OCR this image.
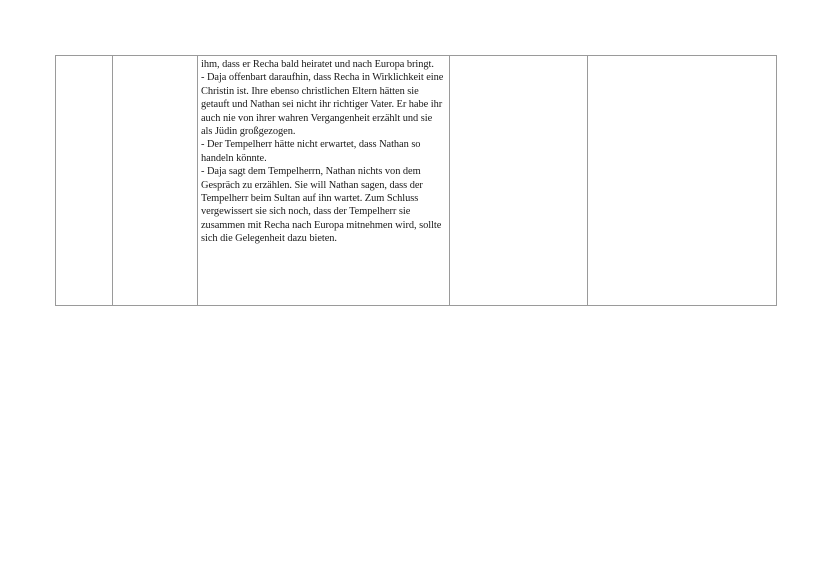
ihm, dass er Recha bald heiratet und nach Europa bringt.

- Daja offenbart daraufhin, dass Recha in Wirklichkeit eine Christin ist. Ihre ebenso christlichen Eltern hätten sie getauft und Nathan sei nicht ihr richtiger Vater. Er habe ihr auch nie von ihrer wahren Vergangenheit erzählt und sie als Jüdin großgezogen.

- Der Tempelherr hätte nicht erwartet, dass Nathan so handeln könnte.

- Daja sagt dem Tempelherrn, Nathan nichts von dem Gespräch zu erzählen. Sie will Nathan sagen, dass der Tempelherr beim Sultan auf ihn wartet. Zum Schluss vergewissert sie sich noch, dass der Tempelherr sie zusammen mit Recha nach Europa mitnehmen wird, sollte sich die Gelegenheit dazu bieten.
